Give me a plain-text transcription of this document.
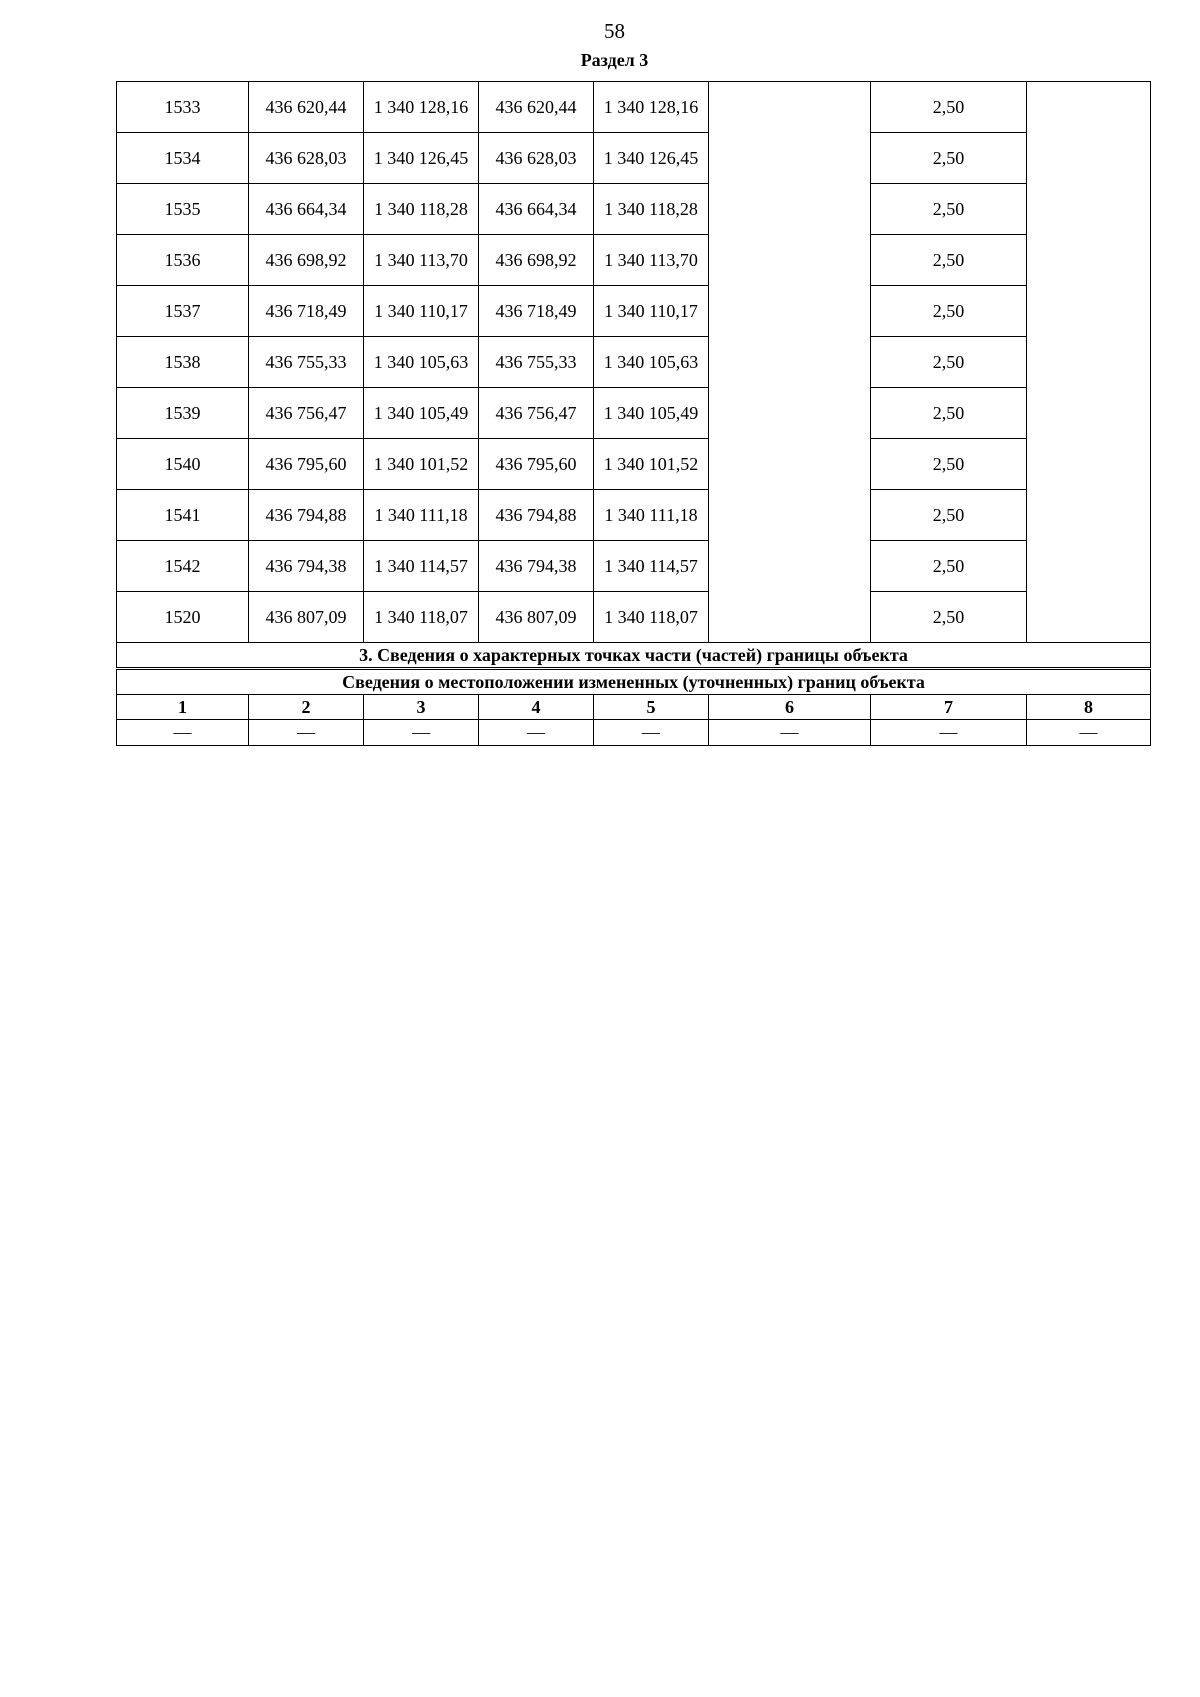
58
Раздел 3
1533	436 620,44	1 340 128,16	436 620,44	1 340 128,16		2,50	
1534	436 628,03	1 340 126,45	436 628,03	1 340 126,45		2,50	
1535	436 664,34	1 340 118,28	436 664,34	1 340 118,28		2,50	
1536	436 698,92	1 340 113,70	436 698,92	1 340 113,70		2,50	
1537	436 718,49	1 340 110,17	436 718,49	1 340 110,17		2,50	
1538	436 755,33	1 340 105,63	436 755,33	1 340 105,63		2,50	
1539	436 756,47	1 340 105,49	436 756,47	1 340 105,49		2,50	
1540	436 795,60	1 340 101,52	436 795,60	1 340 101,52		2,50	
1541	436 794,88	1 340 111,18	436 794,88	1 340 111,18		2,50	
1542	436 794,38	1 340 114,57	436 794,38	1 340 114,57		2,50	
1520	436 807,09	1 340 118,07	436 807,09	1 340 118,07		2,50	
3. Сведения о характерных точках части (частей) границы объекта							
Сведения о местоположении измененных (уточненных) границ объекта							
1	2	3	4	5	6	7	8
—	—	—	—	—	—	—	—
